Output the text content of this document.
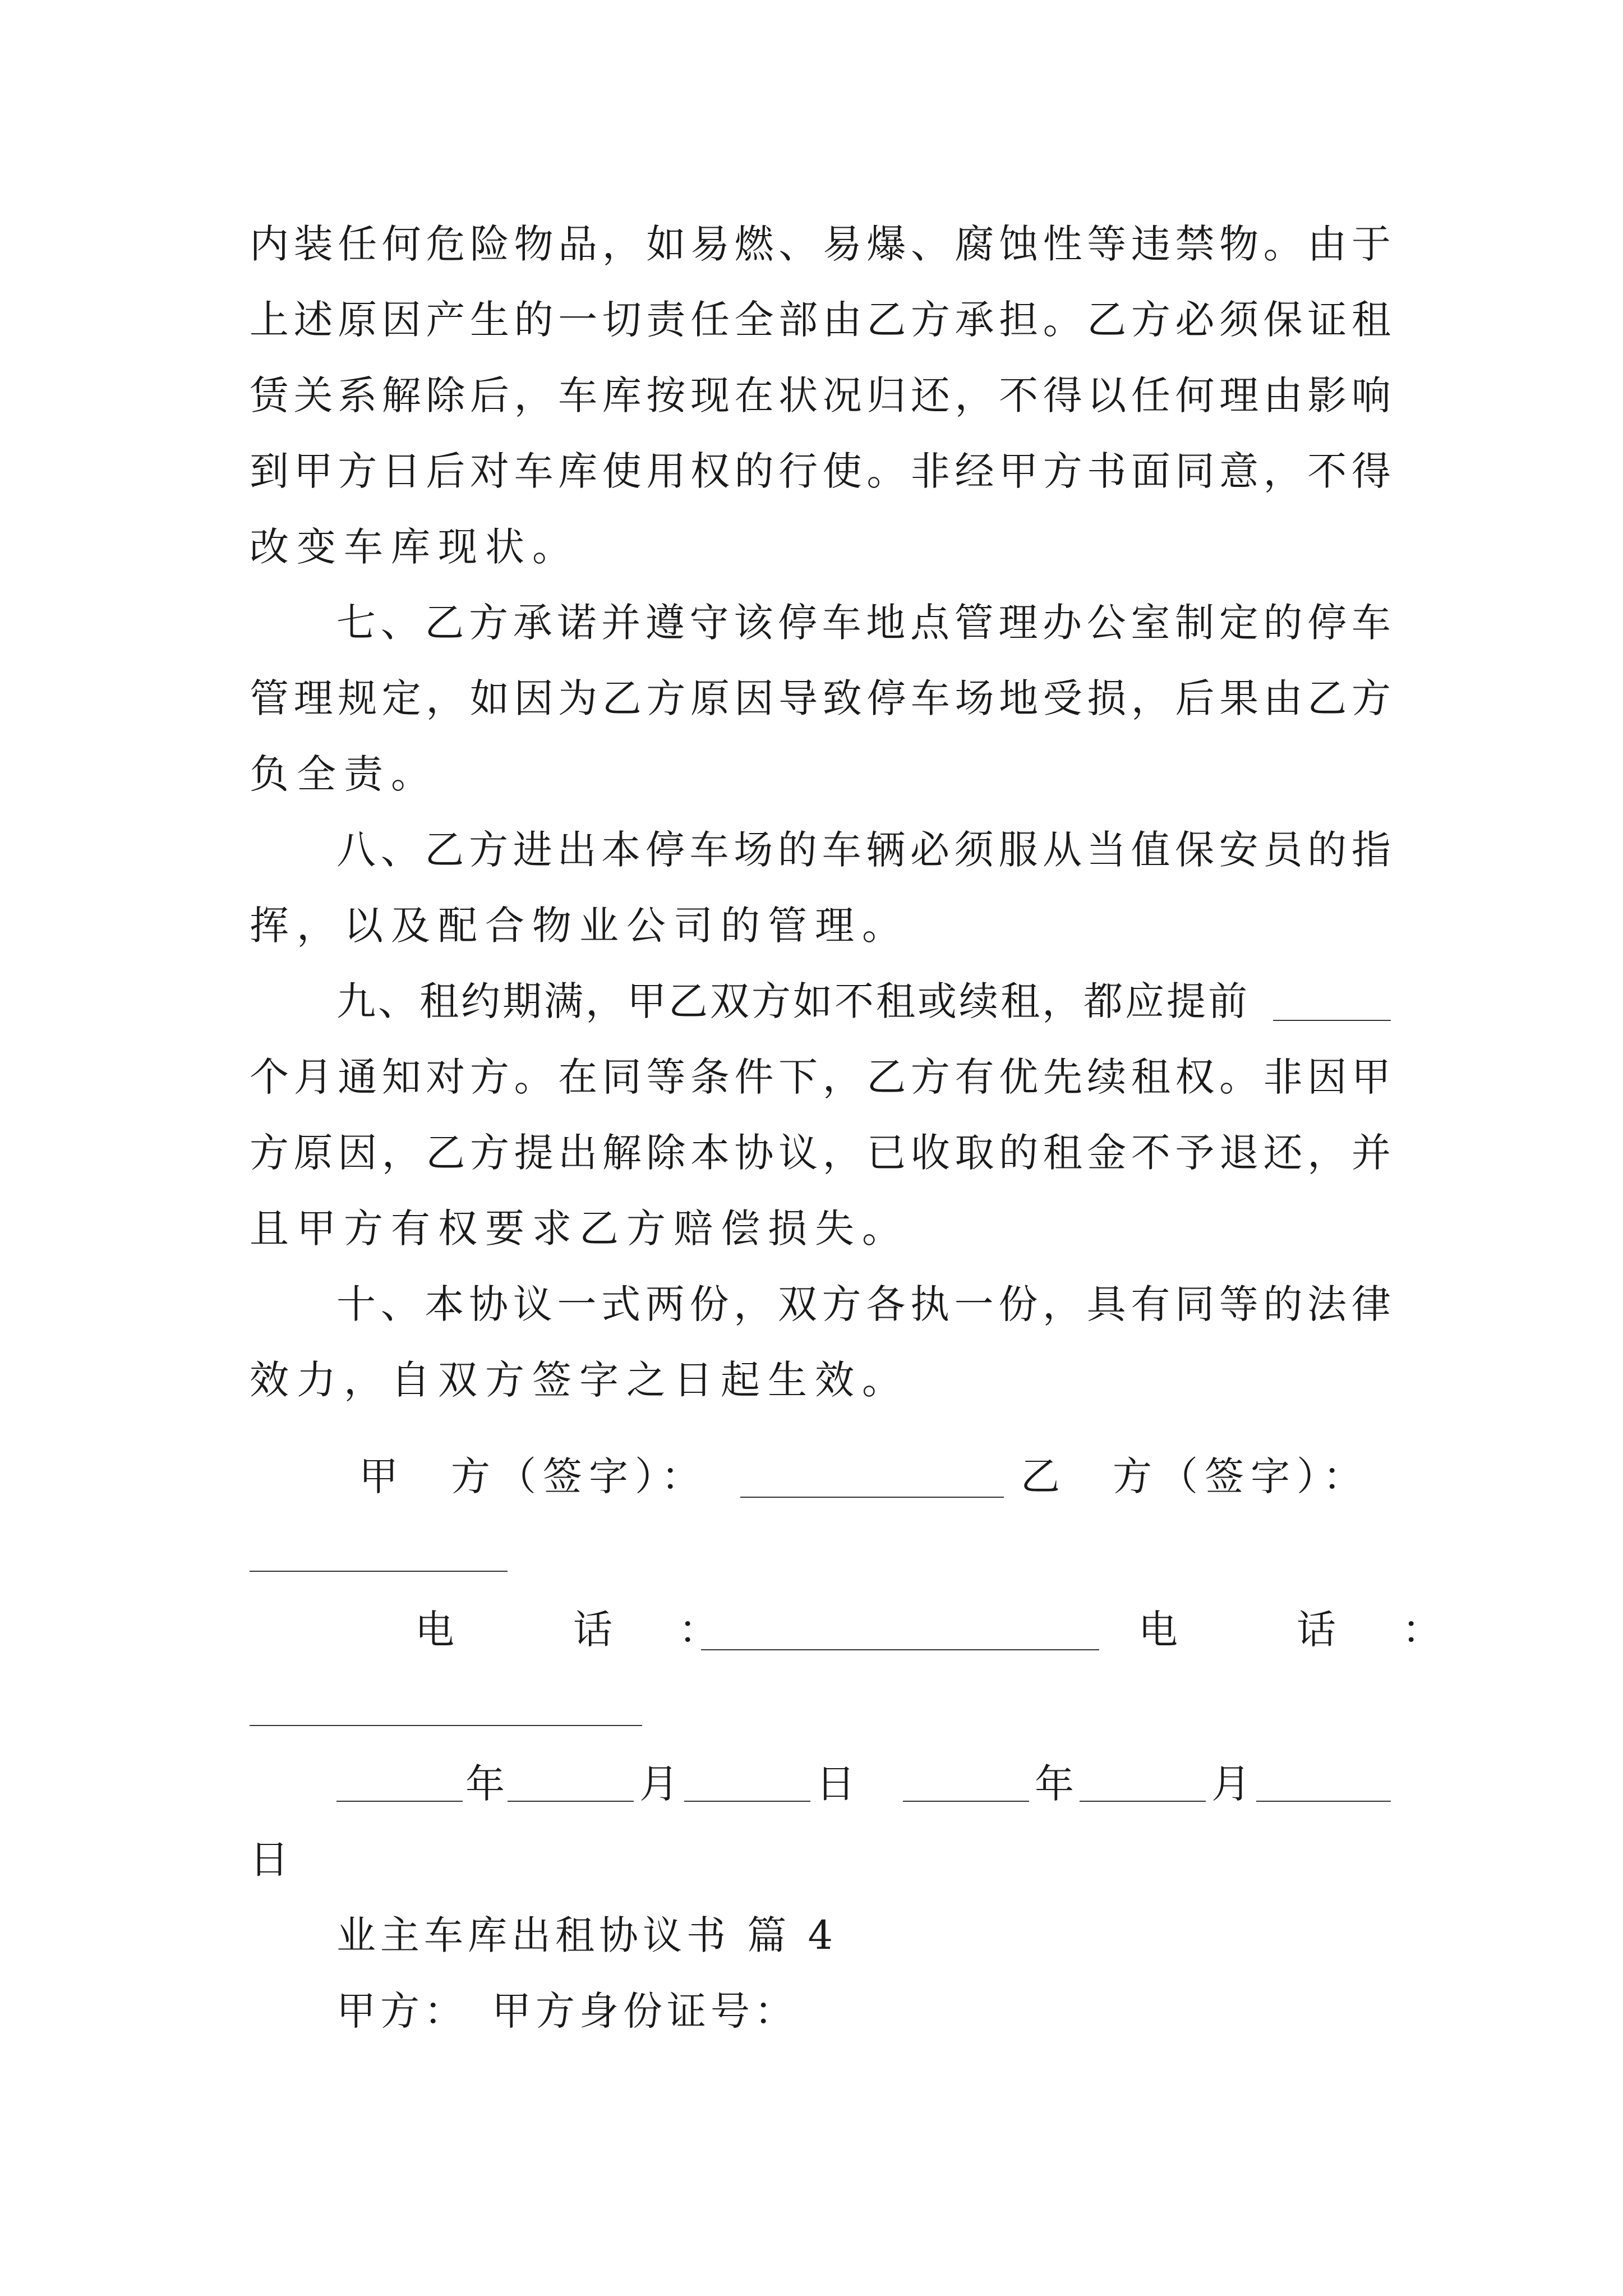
内 装 任 何 危 险 物 品 ， 如 易 燃 、 易 爆 、 腐 蚀 性 等 违 禁 物 。 由 于
上 述 原 因 产 生 的 一 切 责 任 全 部 由 乙 方 承 担 。 乙 方 必 须 保 证 租
赁 关 系 解 除 后 ， 车 库 按 现 在 状 况 归 还 ， 不 得 以 任 何 理 由 影 响
到 甲 方 日 后 对 车 库 使 用 权 的 行 使 。 非 经 甲 方 书 面 同 意 ， 不 得
改变车库现状。
七 、 乙 方 承 诺 并 遵 守 该 停 车 地 点 管 理 办 公 室 制 定 的 停 车
管 理 规 定 ， 如 因 为 乙 方 原 因 导 致 停 车 场 地 受 损 ， 后 果 由 乙 方
负全责。
八 、 乙 方 进 出 本 停 车 场 的 车 辆 必 须 服 从 当 值 保 安 员 的 指
挥，以及配合物业公司的管理。
九、租约期满，甲乙双方如不租或续租，都应提前
个 月 通 知 对 方 。 在 同 等 条 件 下 ， 乙 方 有 优 先 续 租 权 。 非 因 甲
方 原 因 ， 乙 方 提 出 解 除 本 协 议 ， 已 收 取 的 租 金 不 予 退 还 ， 并
且甲方有权要求乙方赔偿损失。
十 、 本 协 议 一 式 两 份 ， 双 方 各 执 一 份 ， 具 有 同 等 的 法 律
效力，自双方签字之日起生效。
甲　方（签字）：	乙　方（签字）：
电　　话　：	电　　话　：
年	月	日	年	月
日
业主车库出租协议书 篇 4
甲方：　甲方身份证号：
